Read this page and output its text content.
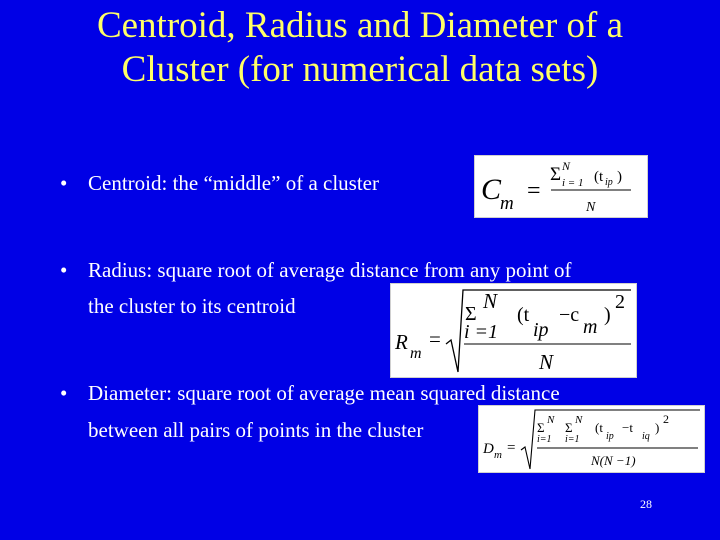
Centroid, Radius and Diameter of a
Cluster (for numerical data sets)
• Centroid: the “middle” of a cluster	C
m =
Σ N
i = 1 (t ip )
N
• Radius: square root of average distance from any point of
the cluster to its centroid
R m
=
Σ
N
i =1
(t
ip
−c
m
)
2
N
• Diameter: square root of average mean squared distance
between all pairs of points in the cluster
D m =
Σ N
i=1
Σ N
i=1
(t
ip
−t
iq
)
2
N(N −1)
28
